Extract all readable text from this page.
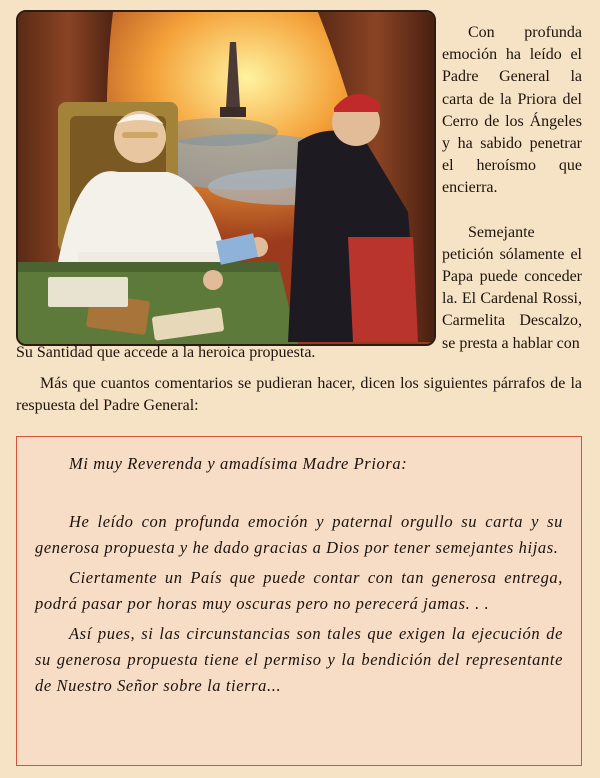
Con profunda emoción ha leído el Padre General la carta de la Priora del Cerro de los Ángeles y ha sabido penetrar el heroísmo que encierra.

Semejante petición sólamente el Papa puede conceder la. El Cardenal Rossi, Carmelita Descalzo, se presta a hablar con

Su Santidad que accede a la heroica propuesta.

Más que cuantos comentarios se pudieran hacer, dicen los siguientes párrafos de la respuesta del Padre General:

Mi muy Reverenda y amadísima Madre Priora:

He leído con profunda emoción y paternal orgullo su carta y su generosa propuesta y he dado gracias a Dios por tener semejantes hijas.

Ciertamente un País que puede contar con tan generosa entrega, podrá pasar por horas muy oscuras pero no perecerá jamas. . .

Así pues, si las circunstancias son tales que exigen la ejecución de su generosa propuesta tiene el permiso y la bendición del representante de Nuestro Señor sobre la tierra...
